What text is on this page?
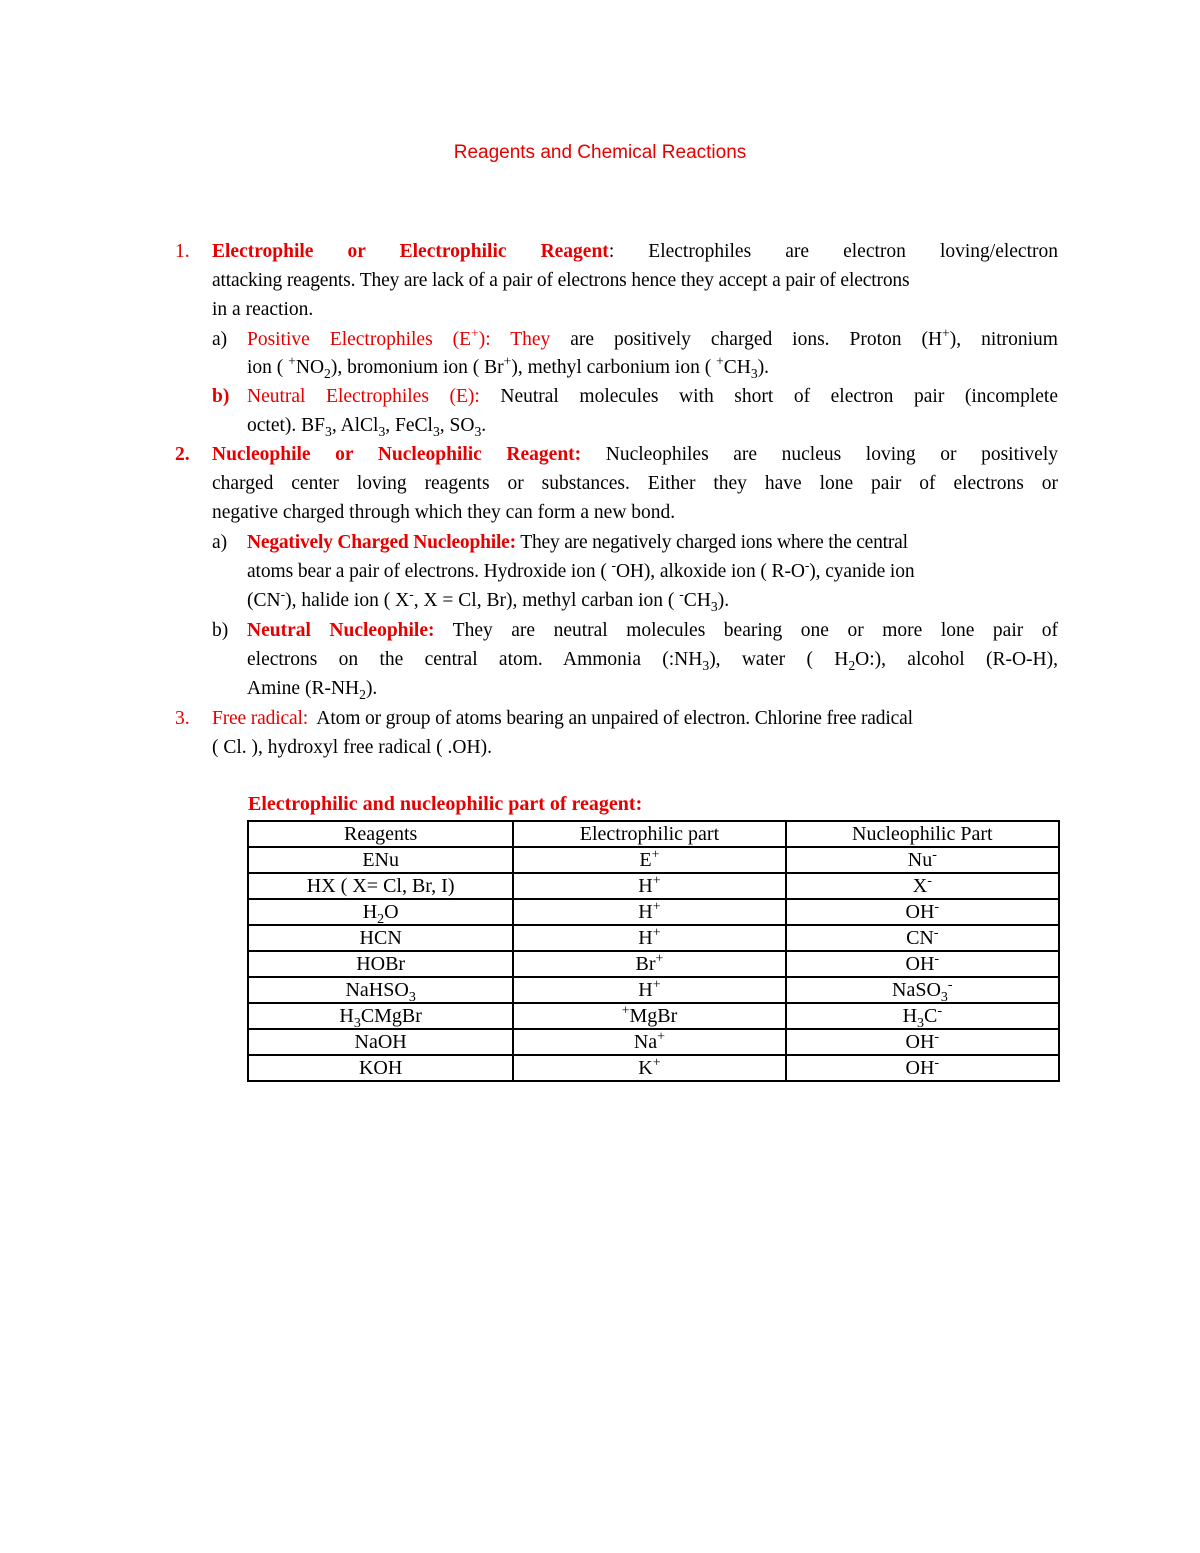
Reagents and Chemical Reactions
1. Electrophile or Electrophilic Reagent: Electrophiles are electron loving/electron
attacking reagents. They are lack of a pair of electrons hence they accept a pair of electrons
in a reaction.
a) Positive Electrophiles (E+): They are positively charged ions. Proton (H+), nitronium
ion ( $^+NO_2$), bromonium ion ( Br+), methyl carbonium ion ( $^+CH_3$).
b) Neutral Electrophiles (E): Neutral molecules with short of electron pair (incomplete
octet). $BF_3$, AlCl$_3$, FeCl$_3$, $SO_3$.
2. Nucleophile or Nucleophilic Reagent: Nucleophiles are nucleus loving or positively
charged center loving reagents or substances. Either they have lone pair of electrons or
negative charged through which they can form a new bond.
a) Negatively Charged Nucleophile: They are negatively charged ions where the central
atoms bear a pair of electrons. Hydroxide ion ( -OH), alkoxide ion ( R-O-), cyanide ion
(CN-), halide ion ( X-, X = Cl, Br), methyl carban ion ( $^-CH_3$).
b) Neutral Nucleophile: They are neutral molecules bearing one or more lone pair of
electrons on the central atom. Ammonia $(:NH_3)$, water ( $H_2O$:), alcohol (R-O-H),
Amine $(R-NH_2)$.
3. Free radical: Atom or group of atoms bearing an unpaired of electron. Chlorine free radical
( Cl. ), hydroxyl free radical ( .OH).
Electrophilic and nucleophilic part of reagent:
Reagents	Electrophilic part	Nucleophilic Part
ENu	E+	Nu-
HX ( X= Cl, Br, I)	H+	X-
$H_2O$	H+	OH-
HCN	H+	CN-
HOBr	Br+	OH-
NaHSO$_3$	H+	NaSO$_3$-
$H_3CMgBr$	+MgBr	$H_3C^-$
NaOH	Na+	OH-
KOH	K+	OH-
